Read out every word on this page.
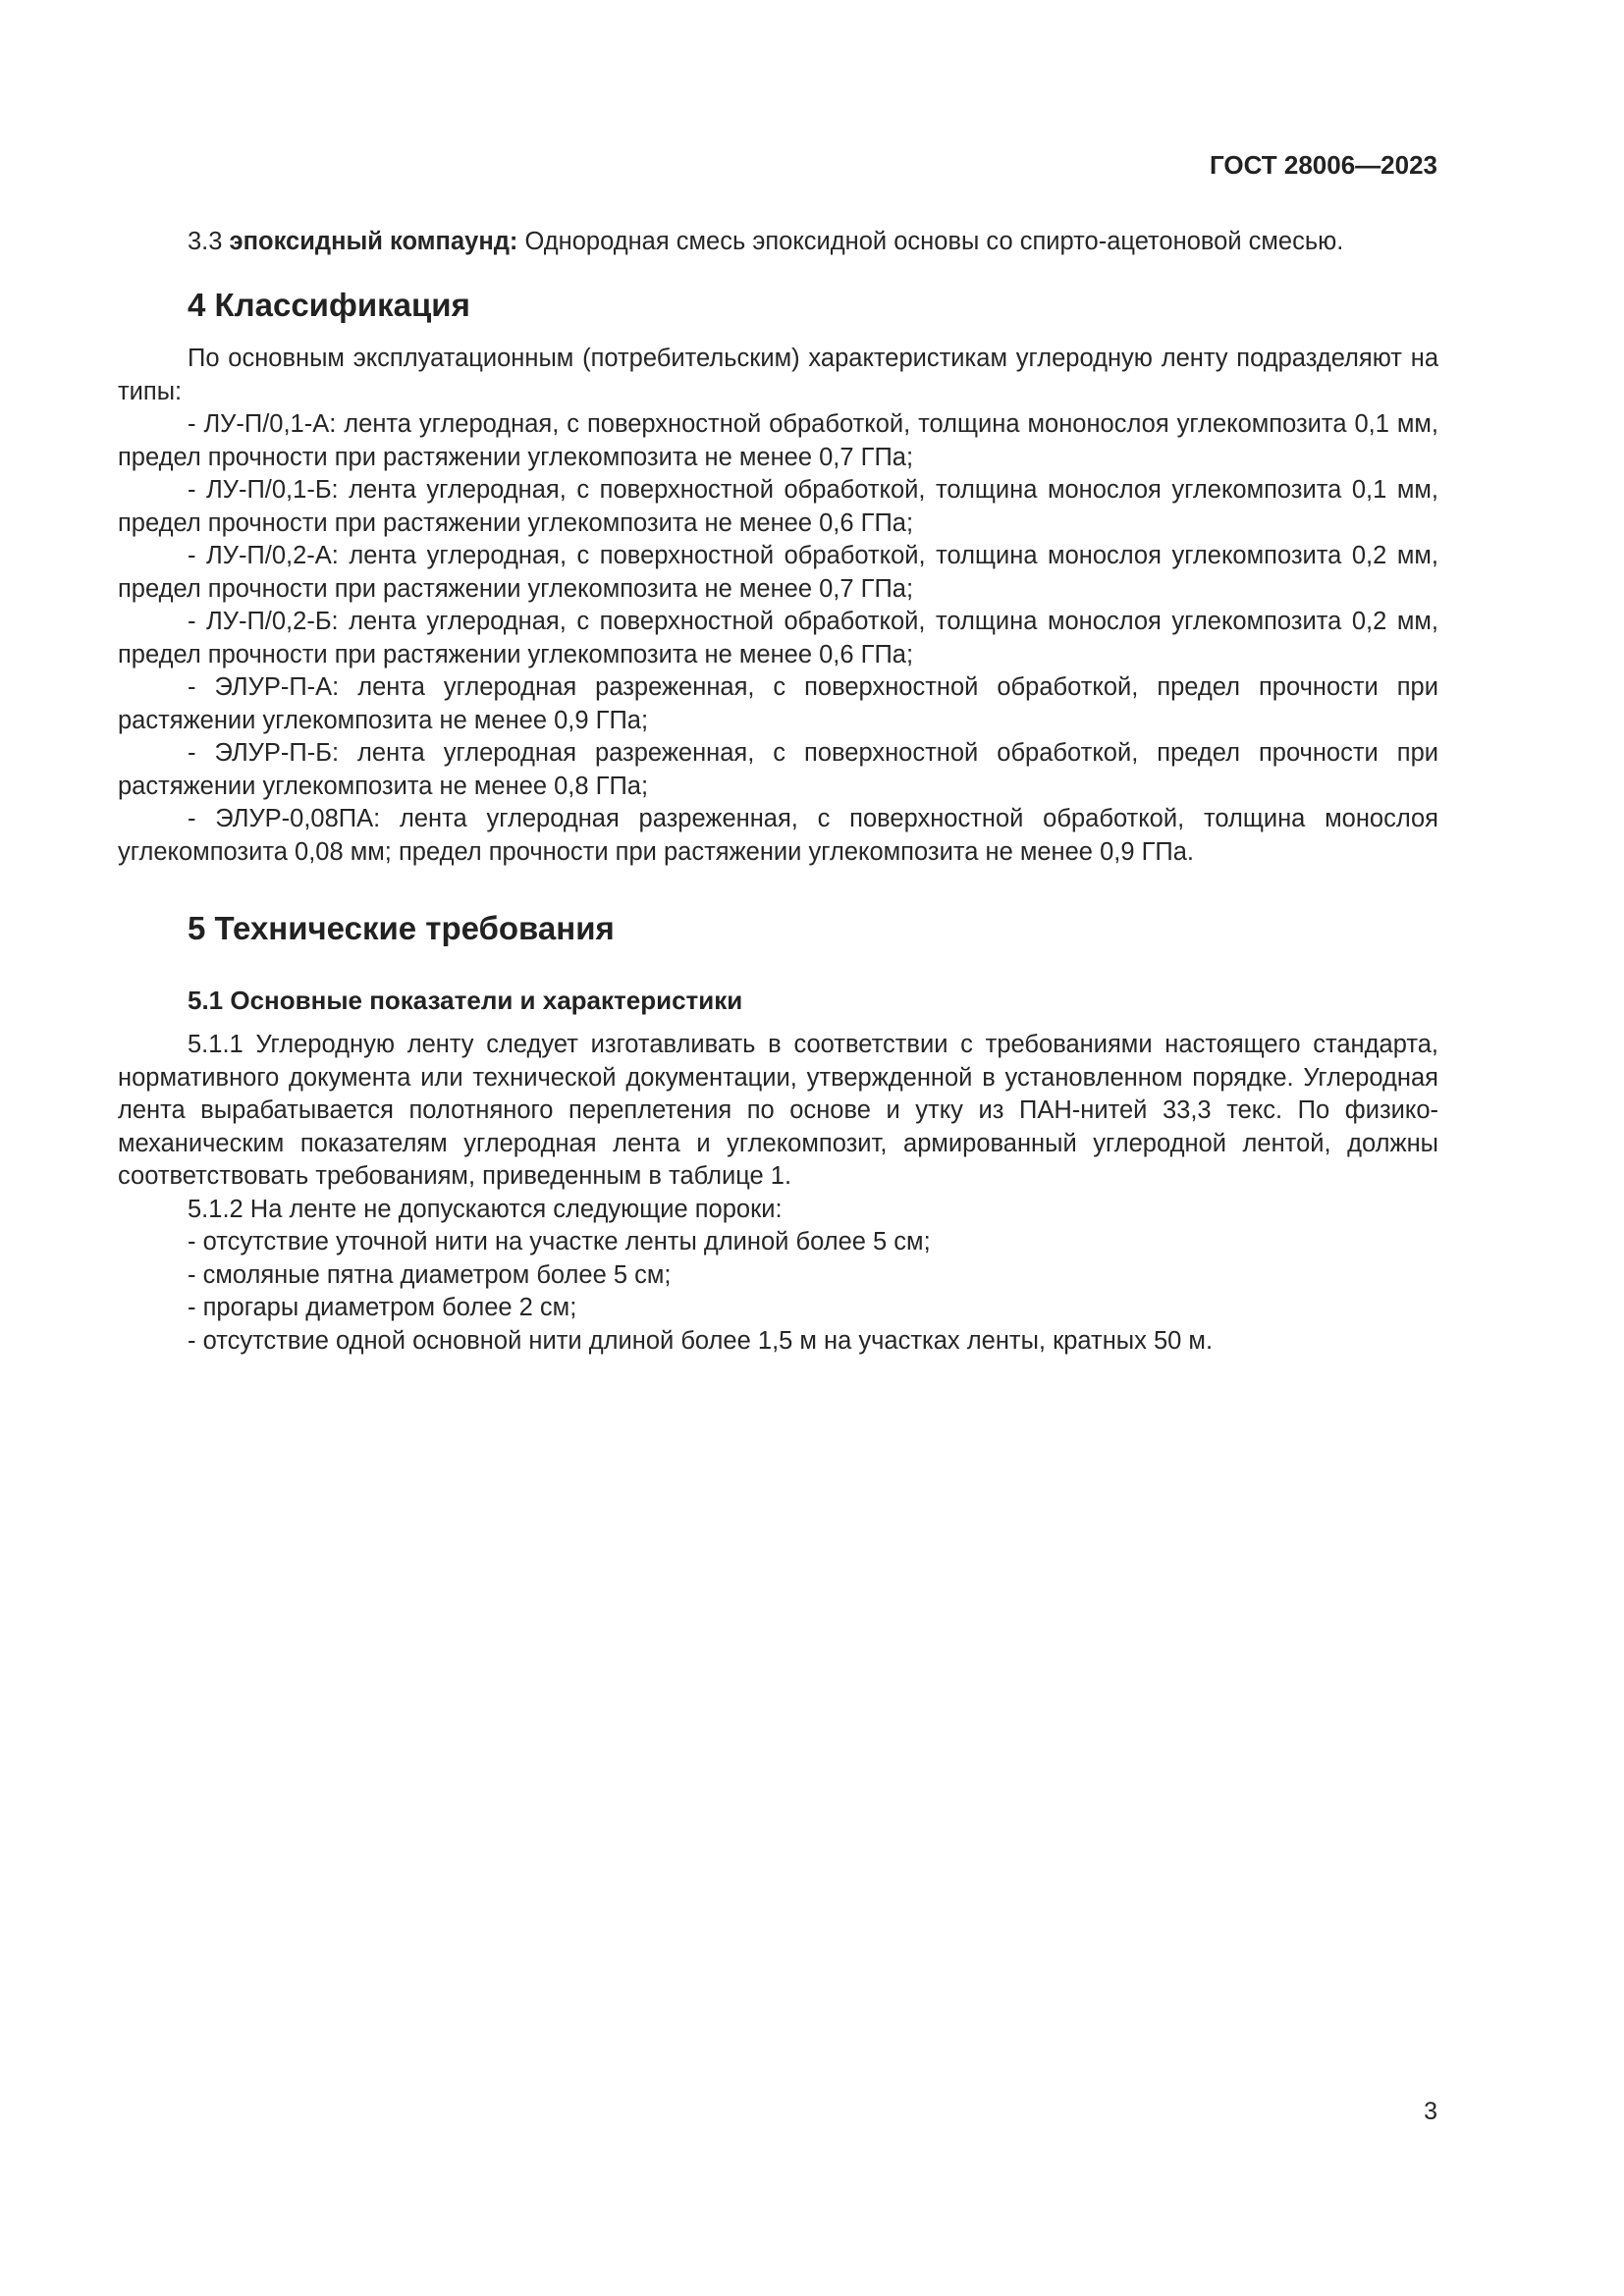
ГОСТ 28006—2023

3.3 эпоксидный компаунд: Однородная смесь эпоксидной основы со спирто-ацетоновой смесью.

4 Классификация

По основным эксплуатационным (потребительским) характеристикам углеродную ленту подразделяют на типы:

- ЛУ-П/0,1-А: лента углеродная, с поверхностной обработкой, толщина мононослоя углекомпозита 0,1 мм, предел прочности при растяжении углекомпозита не менее 0,7 ГПа;

- ЛУ-П/0,1-Б: лента углеродная, с поверхностной обработкой, толщина монослоя углекомпозита 0,1 мм, предел прочности при растяжении углекомпозита не менее 0,6 ГПа;

- ЛУ-П/0,2-А: лента углеродная, с поверхностной обработкой, толщина монослоя углекомпозита 0,2 мм, предел прочности при растяжении углекомпозита не менее 0,7 ГПа;

- ЛУ-П/0,2-Б: лента углеродная, с поверхностной обработкой, толщина монослоя углекомпозита 0,2 мм, предел прочности при растяжении углекомпозита не менее 0,6 ГПа;

- ЭЛУР-П-А: лента углеродная разреженная, с поверхностной обработкой, предел прочности при растяжении углекомпозита не менее 0,9 ГПа;

- ЭЛУР-П-Б: лента углеродная разреженная, с поверхностной обработкой, предел прочности при растяжении углекомпозита не менее 0,8 ГПа;

- ЭЛУР-0,08ПА: лента углеродная разреженная, с поверхностной обработкой, толщина монослоя углекомпозита 0,08 мм; предел прочности при растяжении углекомпозита не менее 0,9 ГПа.

5 Технические требования
5.1 Основные показатели и характеристики

5.1.1 Углеродную ленту следует изготавливать в соответствии с требованиями настоящего стандарта, нормативного документа или технической документации, утвержденной в установленном порядке. Углеродная лента вырабатывается полотняного переплетения по основе и утку из ПАН-нитей 33,3 текс. По физико-механическим показателям углеродная лента и углекомпозит, армированный углеродной лентой, должны соответствовать требованиям, приведенным в таблице 1.

5.1.2 На ленте не допускаются следующие пороки:

- отсутствие уточной нити на участке ленты длиной более 5 см;

- смоляные пятна диаметром более 5 см;

- прогары диаметром более 2 см;

- отсутствие одной основной нити длиной более 1,5 м на участках ленты, кратных 50 м.

3
